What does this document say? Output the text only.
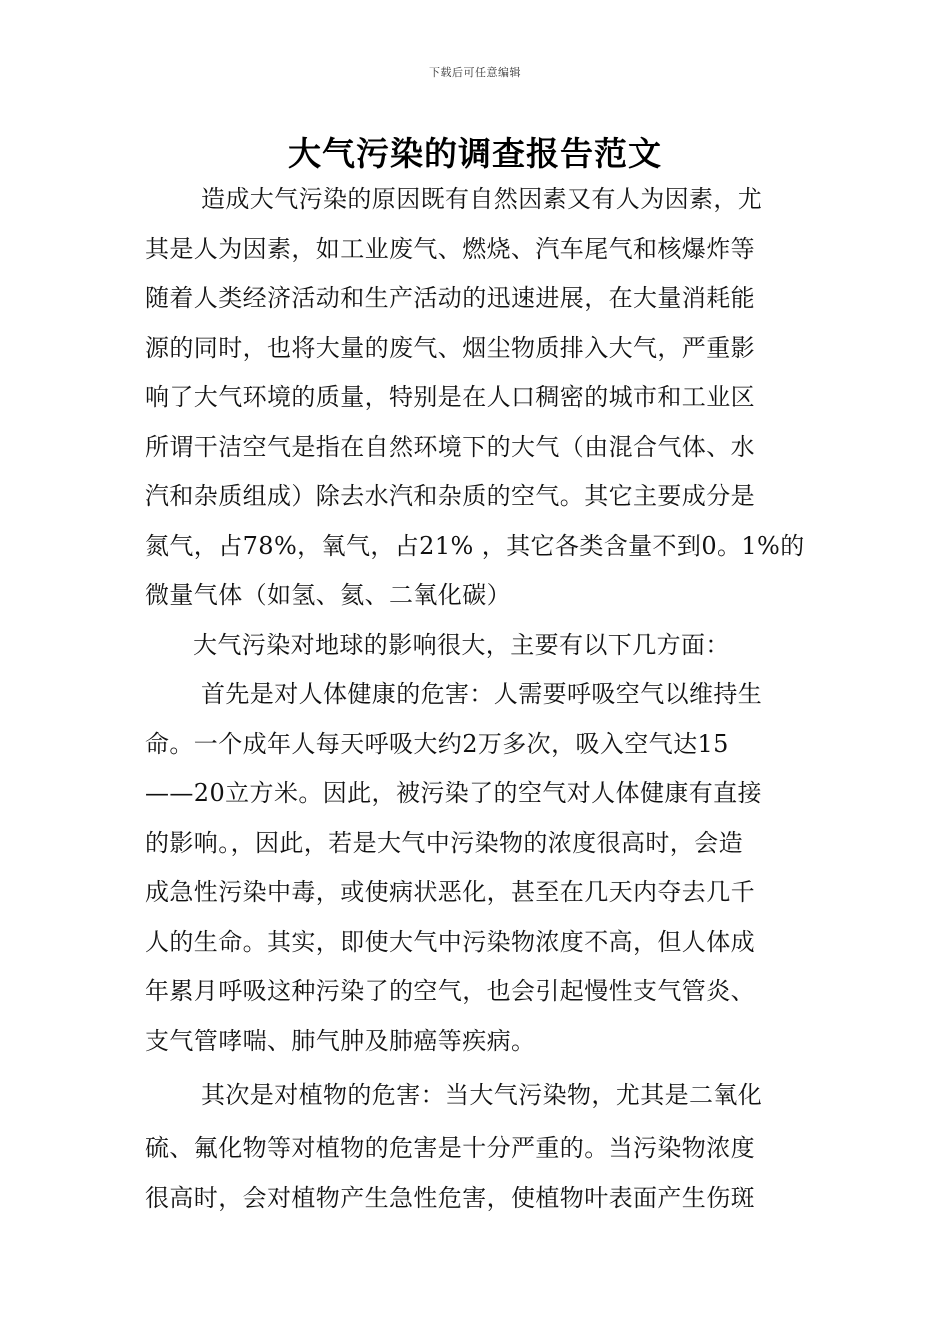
下载后可任意编辑
大气污染的调查报告范文
造成大气污染的原因既有自然因素又有人为因素，尤
其是人为因素，如工业废气、燃烧、汽车尾气和核爆炸等
随着人类经济活动和生产活动的迅速进展，在大量消耗能
源的同时，也将大量的废气、烟尘物质排入大气，严重影
响了大气环境的质量，特别是在人口稠密的城市和工业区
所谓干洁空气是指在自然环境下的大气（由混合气体、水
汽和杂质组成）除去水汽和杂质的空气。其它主要成分是
氮气，占78%，氧气，占21% ，其它各类含量不到0。1%的
微量气体（如氢、氦、二氧化碳）
大气污染对地球的影响很大，主要有以下几方面：
首先是对人体健康的危害：人需要呼吸空气以维持生
命。一个成年人每天呼吸大约2万多次，吸入空气达15
——20立方米。因此，被污染了的空气对人体健康有直接
的影响。，因此，若是大气中污染物的浓度很高时，会造
成急性污染中毒，或使病状恶化，甚至在几天内夺去几千
人的生命。其实，即使大气中污染物浓度不高，但人体成
年累月呼吸这种污染了的空气，也会引起慢性支气管炎、
支气管哮喘、肺气肿及肺癌等疾病。
其次是对植物的危害：当大气污染物，尤其是二氧化
硫、氟化物等对植物的危害是十分严重的。当污染物浓度
很高时，会对植物产生急性危害，使植物叶表面产生伤斑
